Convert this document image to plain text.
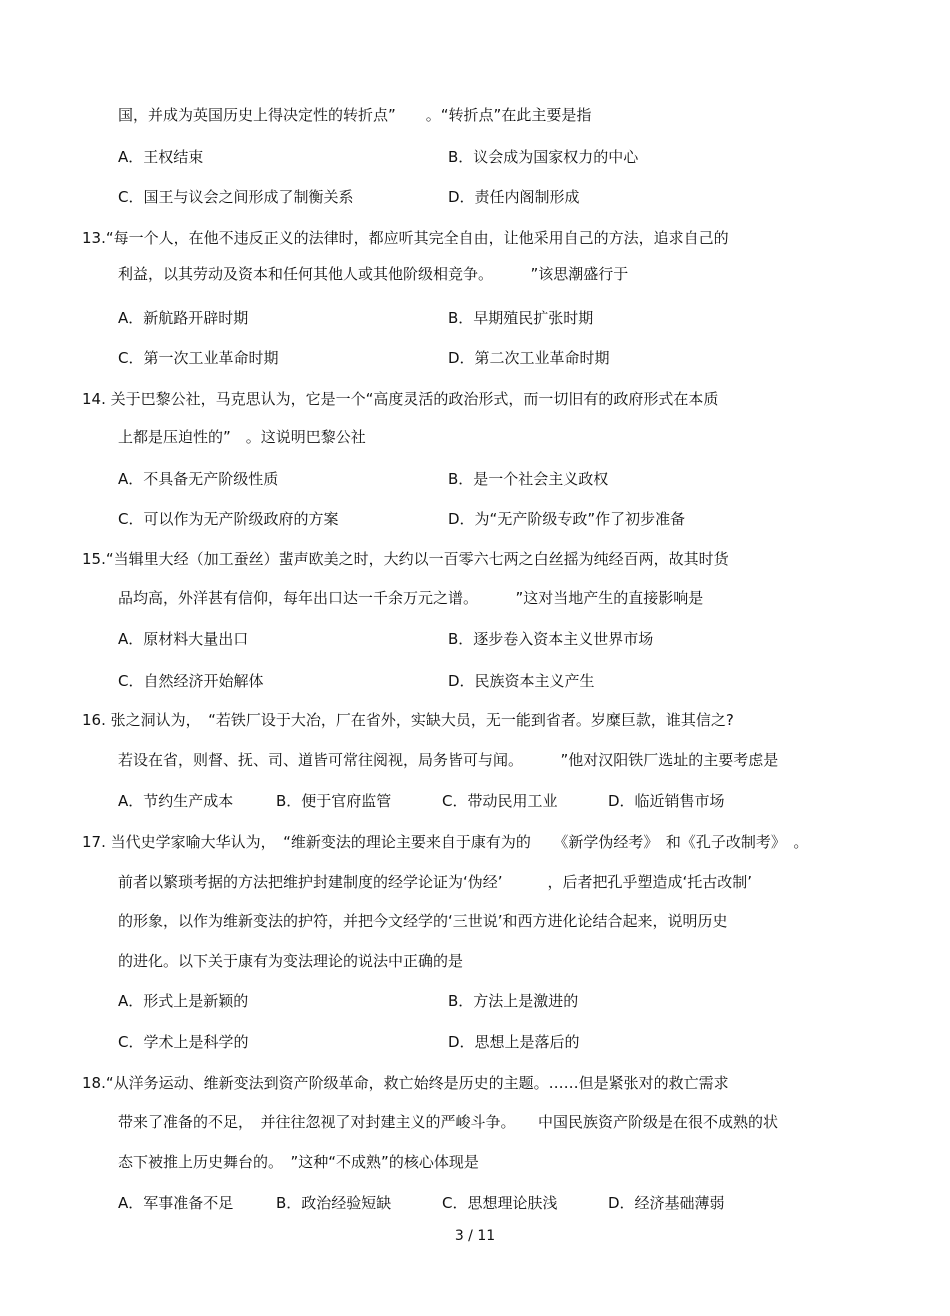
国，并成为英国历史上得决定性的转折点”　　。“转折点”在此主要是指
A．王权结束	B．议会成为国家权力的中心
C．国王与议会之间形成了制衡关系	D．责任内阁制形成
13.“每一个人，在他不违反正义的法律时，都应听其完全自由，让他采用自己的方法，追求自己的
利益，以其劳动及资本和任何其他人或其他阶级相竞争。　　　”该思潮盛行于
A．新航路开辟时期	B．早期殖民扩张时期
C．第一次工业革命时期	D．第二次工业革命时期
14. 关于巴黎公社，马克思认为，它是一个“高度灵活的政治形式，而一切旧有的政府形式在本质
上都是压迫性的”　。这说明巴黎公社
A．不具备无产阶级性质	B．是一个社会主义政权
C．可以作为无产阶级政府的方案	D．为“无产阶级专政”作了初步准备
15.“当辑里大经（加工蚕丝）蜚声欧美之时，大约以一百零六七两之白丝摇为纯经百两，故其时货
品均高，外洋甚有信仰，每年出口达一千余万元之谱。　　　”这对当地产生的直接影响是
A．原材料大量出口	B．逐步卷入资本主义世界市场
C．自然经济开始解体	D．民族资本主义产生
16. 张之洞认为，　“若铁厂设于大冶，厂在省外，实缺大员，无一能到省者。岁糜巨款，谁其信之?
若设在省，则督、抚、司、道皆可常往阅视，局务皆可与闻。　　　”他对汉阳铁厂选址的主要考虑是
A．节约生产成本	B．便于官府监管	C．带动民用工业	D．临近销售市场
17. 当代史学家喻大华认为，　“维新变法的理论主要来自于康有为的　　《新学伪经考》　和《孔子改制考》　。
前者以繁琐考据的方法把维护封建制度的经学论证为‘伪经’　　　，后者把孔乎塑造成‘托古改制’
的形象，以作为维新变法的护符，并把今文经学的‘三世说’和西方进化论结合起来，说明历史
的进化。以下关于康有为变法理论的说法中正确的是
A．形式上是新颖的	B．方法上是激进的
C．学术上是科学的	D．思想上是落后的
18.“从洋务运动、维新变法到资产阶级革命，救亡始终是历史的主题。……但是紧张对的救亡需求
带来了准备的不足，　并往往忽视了对封建主义的严峻斗争。　　中国民族资产阶级是在很不成熟的状
态下被推上历史舞台的。　”这种“不成熟”的核心体现是
A．军事准备不足	B．政治经验短缺	C．思想理论肤浅	D．经济基础薄弱
3 / 11
